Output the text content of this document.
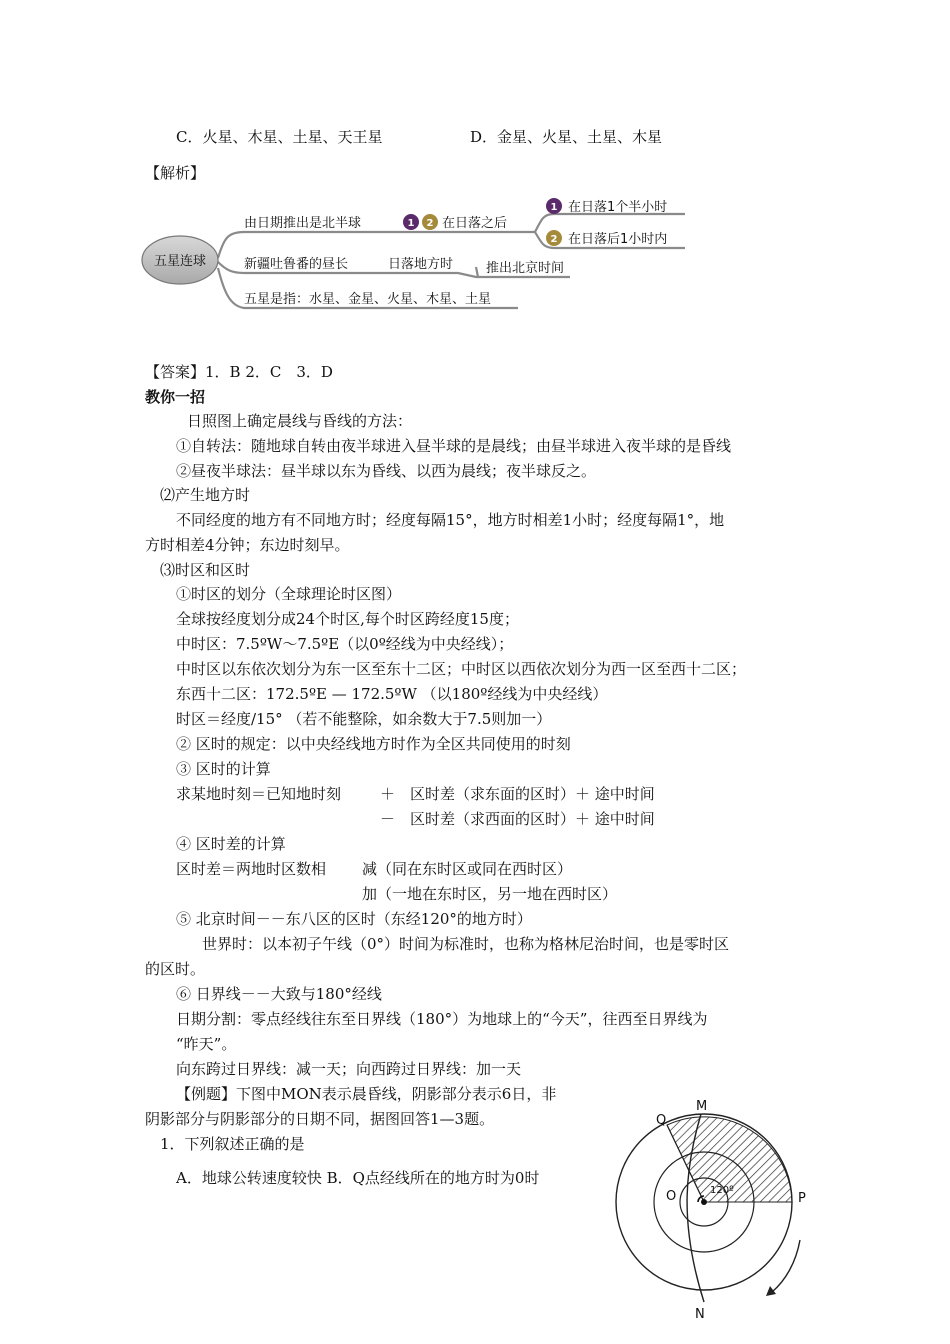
C．火星、木星、土星、天王星	D．金星、火星、土星、木星
【解析】
五星连球
由日期推出是北半球	1 2 在日落之后
1 在日落1个半小时
2 在日落后1小时内
新疆吐鲁番的昼长	日落地方时	推出北京时间
五星是指：水星、金星、火星、木星、土星
【答案】1．B 2．C　3．D
教你一招
日照图上确定晨线与昏线的方法：
①自转法：随地球自转由夜半球进入昼半球的是晨线；由昼半球进入夜半球的是昏线
②昼夜半球法：昼半球以东为昏线、以西为晨线；夜半球反之。
⑵产生地方时
不同经度的地方有不同地方时；经度每隔15°，地方时相差1小时；经度每隔1°，地
方时相差4分钟；东边时刻早。
⑶时区和区时
①时区的划分（全球理论时区图）
全球按经度划分成24个时区,每个时区跨经度15度；
中时区：7.5ºW～7.5ºE（以0º经线为中央经线）；
中时区以东依次划分为东一区至东十二区；中时区以西依次划分为西一区至西十二区；
东西十二区：172.5ºE — 172.5ºW （以180º经线为中央经线）
时区＝经度/15° （若不能整除，如余数大于7.5则加一）
② 区时的规定：以中央经线地方时作为全区共同使用的时刻
③ 区时的计算
求某地时刻＝已知地时刻	＋　区时差（求东面的区时）＋ 途中时间
－　区时差（求西面的区时）＋ 途中时间
④ 区时差的计算
区时差＝两地时区数相 减（同在东时区或同在西时区）
加（一地在东时区，另一地在西时区）
⑤ 北京时间－－东八区的区时（东经120°的地方时）
世界时：以本初子午线（0°）时间为标准时，也称为格林尼治时间，也是零时区
的区时。
⑥ 日界线－－大致与180°经线
日期分割：零点经线往东至日界线（180°）为地球上的“今天”，往西至日界线为
“昨天”。
向东跨过日界线：减一天；向西跨过日界线：加一天
【例题】下图中MON表示晨昏线，阴影部分表示6日，非
阴影部分与阴影部分的日期不同，据图回答1—3题。
1．下列叙述正确的是
A．地球公转速度较快 B．Q点经线所在的地方时为0时
Q
M
O	P
N
120º
